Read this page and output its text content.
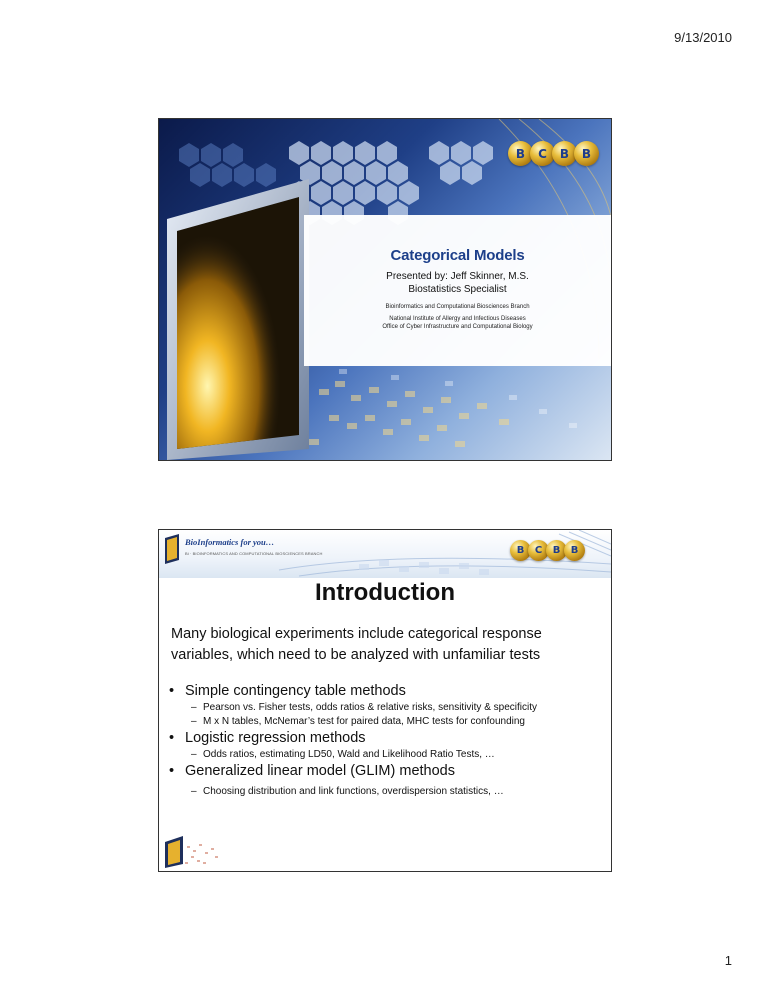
9/13/2010
B C B B
Categorical Models
Presented by: Jeff Skinner, M.S.
Biostatistics Specialist
Bioinformatics and Computational Biosciences Branch
National Institute of Allergy and Infectious Diseases
Office of Cyber Infrastructure and Computational Biology
BioInformatics for you…
Bi · BIOINFORMATICS AND COMPUTATIONAL BIOSCIENCES BRANCH	B C B B
Introduction
Many biological experiments include categorical response variables, which need to be analyzed with unfamiliar tests
• Simple contingency table methods
– Pearson vs. Fisher tests, odds ratios & relative risks, sensitivity & specificity
– M x N tables, McNemar’s test for paired data, MHC tests for confounding
• Logistic regression methods
– Odds ratios, estimating LD50, Wald and Likelihood Ratio Tests, …
• Generalized linear model (GLIM) methods
– Choosing distribution and link functions, overdispersion statistics, …
1
